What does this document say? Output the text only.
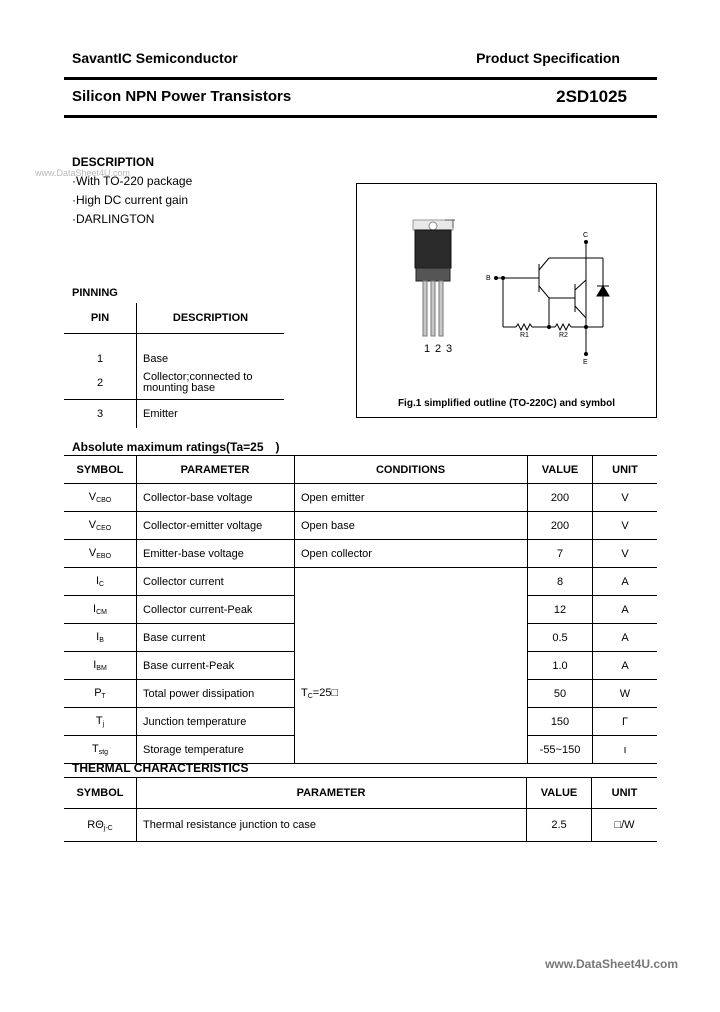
SavantIC Semiconductor	Product Specification
Silicon NPN Power Transistors	2SD1025
DESCRIPTION
www.DataSheet4U.com
·With TO-220 package
·High DC current gain
·DARLINGTON
PINNING
PIN	DESCRIPTION
1	Base
2	Collector;connected to mounting base
3	Emitter
1 2 3
C
B
E
R1	R2
Fig.1 simplified outline (TO-220C) and symbol
Absolute maximum ratings(Ta=25　)
SYMBOL	PARAMETER	CONDITIONS	VALUE	UNIT
$V_{CBO}$	Collector-base voltage	Open emitter	200	V
$V_{CEO}$	Collector-emitter voltage	Open base	200	V
$V_{EBO}$	Emitter-base voltage	Open collector	7	V
$I_C$	Collector current		8	A
$I_{CM}$	Collector current-Peak		12	A
$I_B$	Base current		0.5	A
$I_{BM}$	Base current-Peak		1.0	A
$P_T$	Total power dissipation	$T_C=25□$	50	W
$T_j$	Junction temperature		150	Γ
$T_{stg}$	Storage temperature		-55~150	ı
THERMAL CHARACTERISTICS
SYMBOL	PARAMETER	VALUE	UNIT
$R\Theta_{j-C}$	Thermal resistance junction to case	2.5	□/W
www.DataSheet4U.com
